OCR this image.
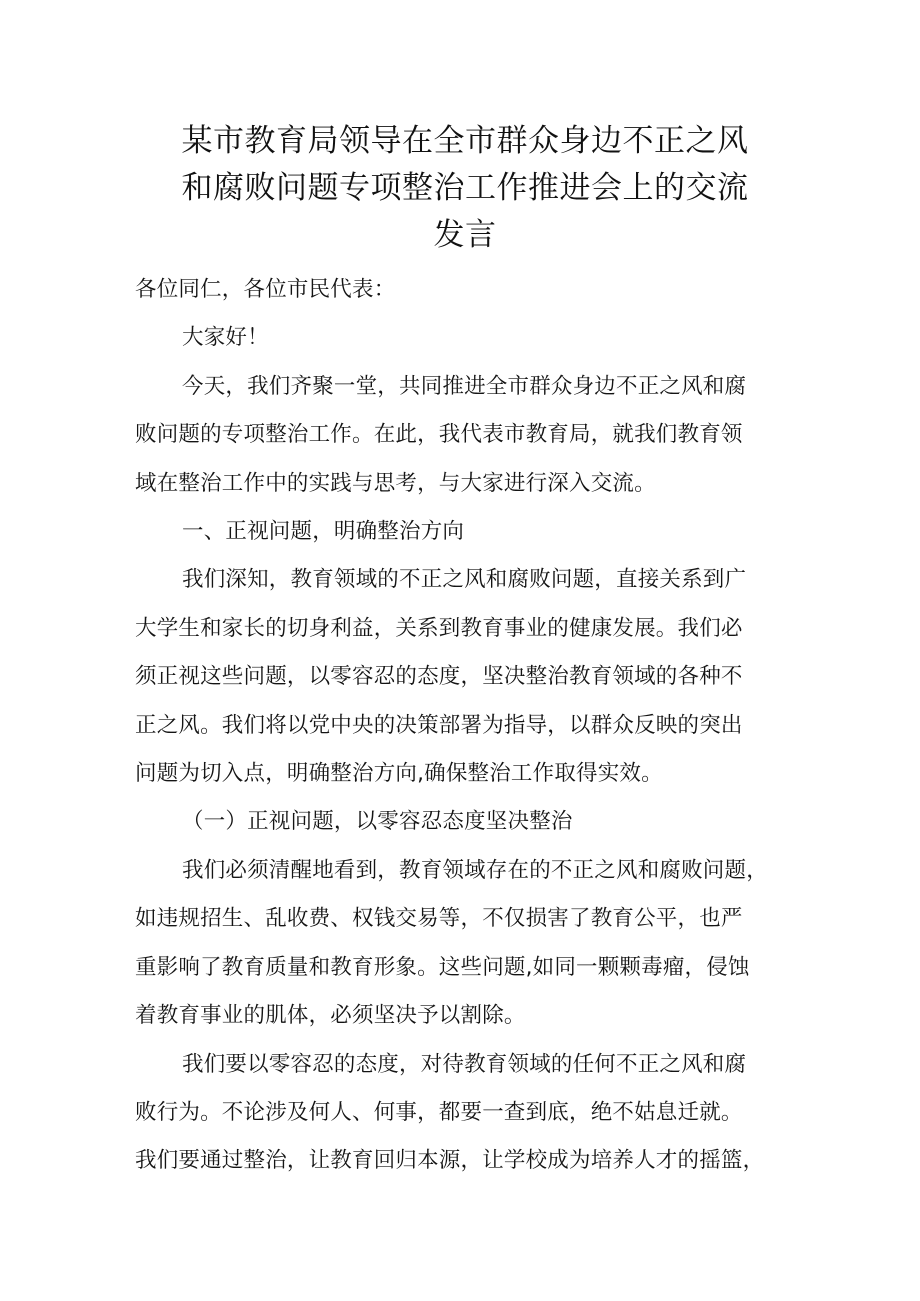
某市教育局领导在全市群众身边不正之风
和腐败问题专项整治工作推进会上的交流
发言
各位同仁，各位市民代表：
大家好！
今天，我们齐聚一堂，共同推进全市群众身边不正之风和腐
败问题的专项整治工作。在此，我代表市教育局，就我们教育领
域在整治工作中的实践与思考，与大家进行深入交流。
一、正视问题，明确整治方向
我们深知，教育领域的不正之风和腐败问题，直接关系到广
大学生和家长的切身利益，关系到教育事业的健康发展。我们必
须正视这些问题，以零容忍的态度，坚决整治教育领域的各种不
正之风。我们将以党中央的决策部署为指导，以群众反映的突出
问题为切入点，明确整治方向,确保整治工作取得实效。
（一）正视问题，以零容忍态度坚决整治
我们必须清醒地看到，教育领域存在的不正之风和腐败问题，
如违规招生、乱收费、权钱交易等，不仅损害了教育公平，也严
重影响了教育质量和教育形象。这些问题,如同一颗颗毒瘤，侵蚀
着教育事业的肌体，必须坚决予以割除。
我们要以零容忍的态度，对待教育领域的任何不正之风和腐
败行为。不论涉及何人、何事，都要一查到底，绝不姑息迁就。
我们要通过整治，让教育回归本源，让学校成为培养人才的摇篮，
